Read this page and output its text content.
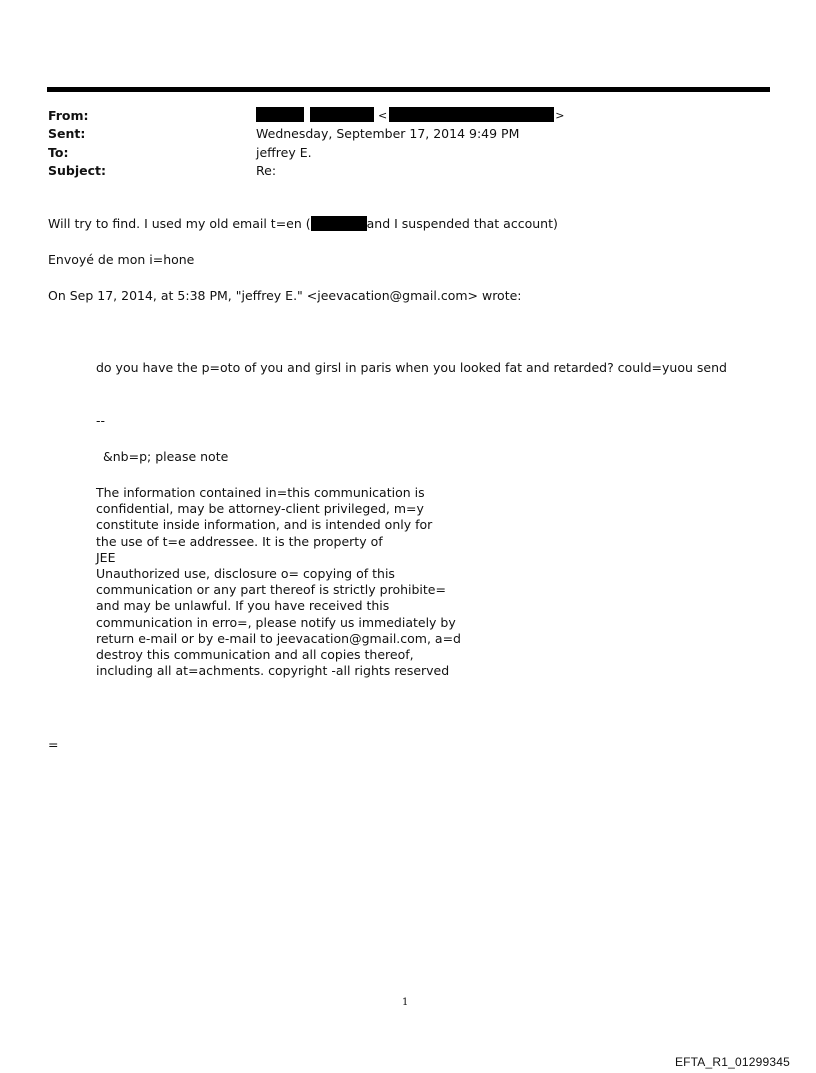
From:
Sent:
To:
Subject:
<	>
Wednesday, September 17, 2014 9:49 PM
jeffrey E.
Re:
Will try to find. I used my old email t=en (	and I suspended that account)
Envoyé de mon i=hone
On Sep 17, 2014, at 5:38 PM, "jeffrey E." <jeevacation@gmail.com> wrote:
do you have the p=oto of you and girsl in paris when you looked fat and retarded? could=yuou send
--
&nb=p; please note
The information contained in=this communication is
confidential, may be attorney-client privileged, m=y
constitute inside information, and is intended only for
the use of t=e addressee. It is the property of
JEE
Unauthorized use, disclosure o= copying of this
communication or any part thereof is strictly prohibite=
and may be unlawful. If you have received this
communication in erro=, please notify us immediately by
return e-mail or by e-mail to jeevacation@gmail.com, a=d
destroy this communication and all copies thereof,
including all at=achments. copyright -all rights reserved
=
1
EFTA_R1_01299345
